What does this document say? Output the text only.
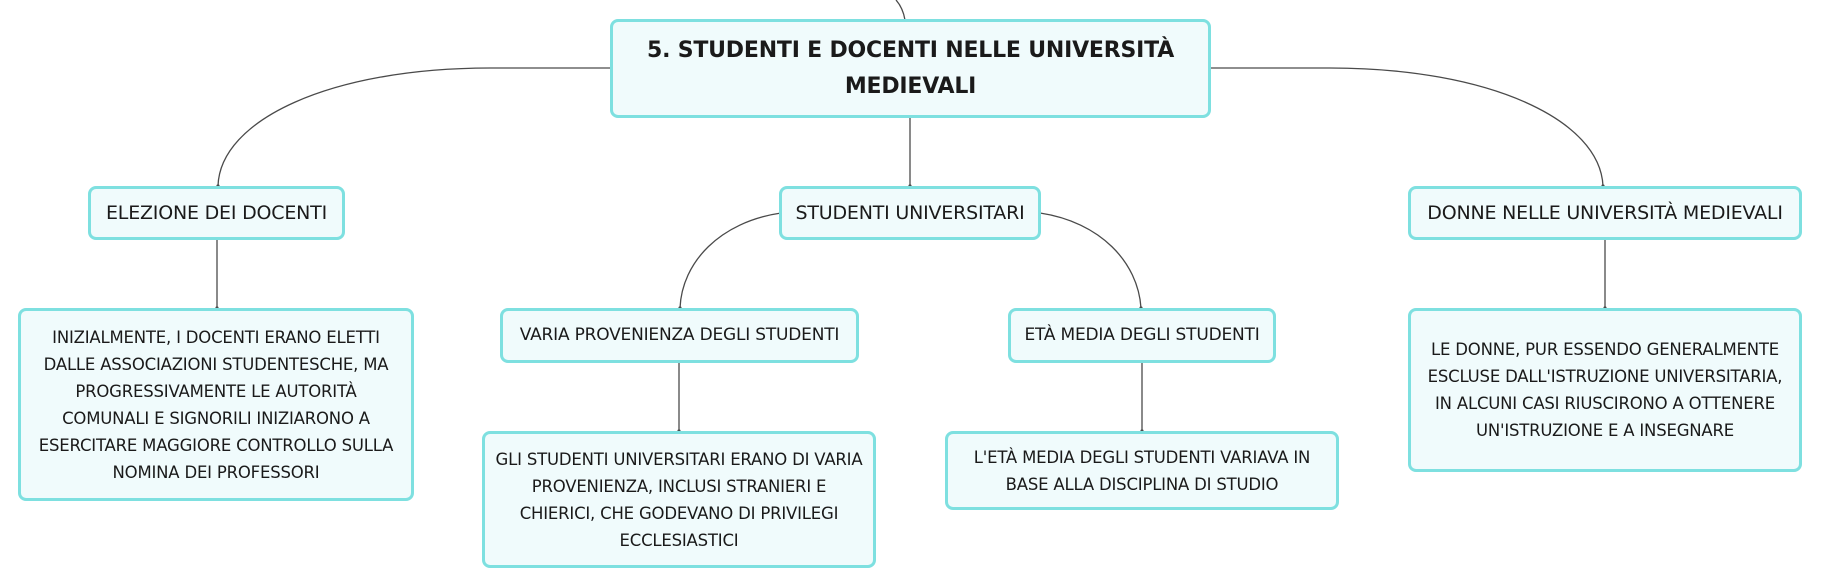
5. STUDENTI E DOCENTI NELLE UNIVERSITÀ MEDIEVALI
ELEZIONE DEI DOCENTI	STUDENTI UNIVERSITARI	DONNE NELLE UNIVERSITÀ MEDIEVALI
VARIA PROVENIENZA DEGLI STUDENTI	ETÀ MEDIA DEGLI STUDENTI
INIZIALMENTE, I DOCENTI ERANO ELETTI DALLE ASSOCIAZIONI STUDENTESCHE, MA PROGRESSIVAMENTE LE AUTORITÀ COMUNALI E SIGNORILI INIZIARONO A ESERCITARE MAGGIORE CONTROLLO SULLA NOMINA DEI PROFESSORI
GLI STUDENTI UNIVERSITARI ERANO DI VARIA PROVENIENZA, INCLUSI STRANIERI E CHIERICI, CHE GODEVANO DI PRIVILEGI ECCLESIASTICI
L'ETÀ MEDIA DEGLI STUDENTI VARIAVA IN BASE ALLA DISCIPLINA DI STUDIO
LE DONNE, PUR ESSENDO GENERALMENTE ESCLUSE DALL'ISTRUZIONE UNIVERSITARIA, IN ALCUNI CASI RIUSCIRONO A OTTENERE UN'ISTRUZIONE E A INSEGNARE
